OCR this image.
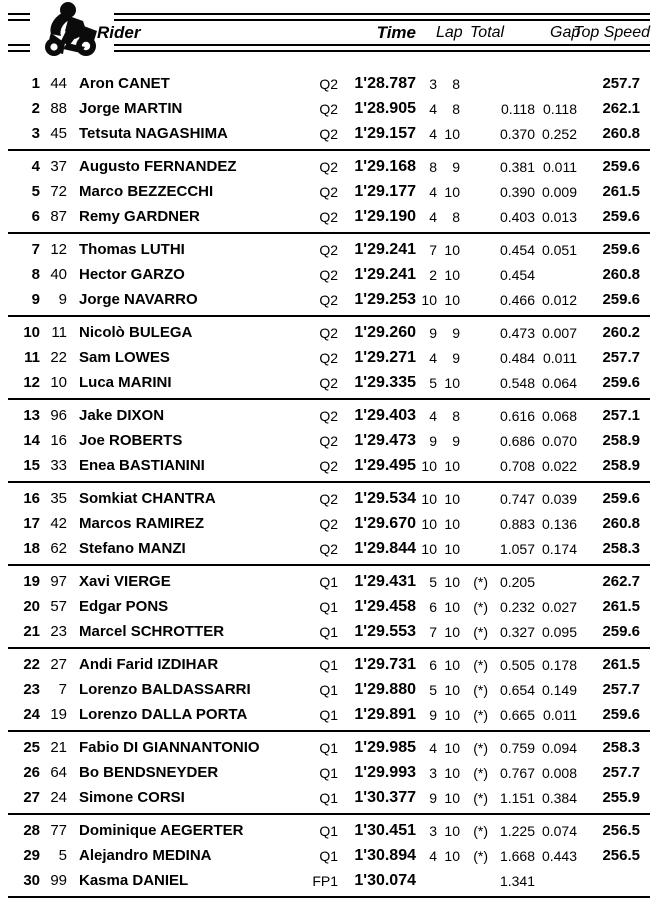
Rider	Time Lap Total	Gap
Top Speed
1 44 Aron CANET	Q2	1'28.787 3	8	257.7
2 88 Jorge MARTIN	Q2	1'28.905 4	8	0.118 0.118	262.1
3 45 Tetsuta NAGASHIMA	Q2	1'29.157 4 10	0.370 0.252	260.8
4 37 Augusto FERNANDEZ	Q2	1'29.168 8	9	0.381 0.011	259.6
5 72 Marco BEZZECCHI	Q2	1'29.177 4 10	0.390 0.009	261.5
6 87 Remy GARDNER	Q2	1'29.190 4	8	0.403 0.013	259.6
7 12 Thomas LUTHI	Q2	1'29.241 7 10	0.454 0.051	259.6
8 40 Hector GARZO	Q2	1'29.241 2 10	0.454	260.8
9	9 Jorge NAVARRO	Q2	1'29.253 10 10	0.466 0.012	259.6
10 11 Nicolò BULEGA	Q2	1'29.260 9	9	0.473 0.007	260.2
11 22 Sam LOWES	Q2	1'29.271 4	9	0.484 0.011	257.7
12 10 Luca MARINI	Q2	1'29.335 5 10	0.548 0.064	259.6
13 96 Jake DIXON	Q2	1'29.403 4	8	0.616 0.068	257.1
14 16 Joe ROBERTS	Q2	1'29.473 9	9	0.686 0.070	258.9
15 33 Enea BASTIANINI	Q2	1'29.495 10 10	0.708 0.022	258.9
16 35 Somkiat CHANTRA	Q2	1'29.534 10 10	0.747 0.039	259.6
17 42 Marcos RAMIREZ	Q2	1'29.670 10 10	0.883 0.136	260.8
18 62 Stefano MANZI	Q2	1'29.844 10 10	1.057 0.174	258.3
19 97 Xavi VIERGE	Q1	1'29.431 5 10 (*) 0.205	262.7
20 57 Edgar PONS	Q1	1'29.458 6 10 (*) 0.232 0.027	261.5
21 23 Marcel SCHROTTER	Q1	1'29.553 7 10 (*) 0.327 0.095	259.6
22 27 Andi Farid IZDIHAR	Q1	1'29.731 6 10 (*) 0.505 0.178	261.5
23	7 Lorenzo BALDASSARRI	Q1	1'29.880 5 10 (*) 0.654 0.149	257.7
24 19 Lorenzo DALLA PORTA	Q1	1'29.891 9 10 (*) 0.665 0.011	259.6
25 21 Fabio DI GIANNANTONIO	Q1	1'29.985 4 10 (*) 0.759 0.094	258.3
26 64 Bo BENDSNEYDER	Q1	1'29.993 3 10 (*) 0.767 0.008	257.7
27 24 Simone CORSI	Q1	1'30.377 9 10 (*) 1.151 0.384	255.9
28 77 Dominique AEGERTER	Q1	1'30.451 3 10 (*) 1.225 0.074	256.5
29	5 Alejandro MEDINA	Q1	1'30.894 4 10 (*) 1.668 0.443	256.5
30 99 Kasma DANIEL	FP1	1'30.074	1.341
